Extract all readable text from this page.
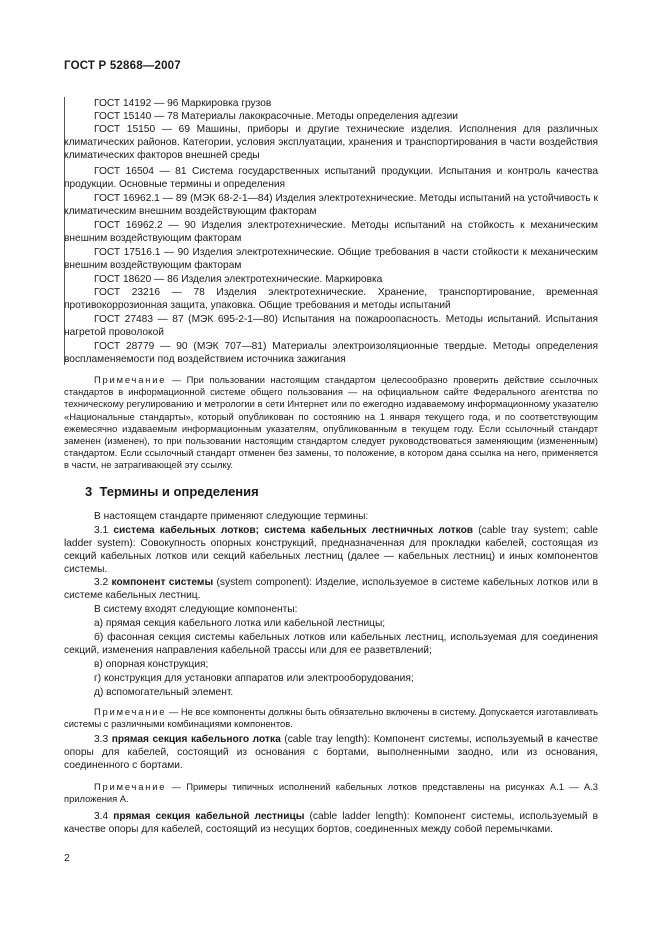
ГОСТ Р 52868—2007

ГОСТ 14192 — 96 Маркировка грузов

ГОСТ 15140 — 78 Материалы лакокрасочные. Методы определения адгезии

ГОСТ 15150 — 69 Машины, приборы и другие технические изделия. Исполнения для различных климатических районов. Категории, условия эксплуатации, хранения и транспортирования в части воздействия климатических факторов внешней среды

ГОСТ 16504 — 81 Система государственных испытаний продукции. Испытания и контроль качества продукции. Основные термины и определения

ГОСТ 16962.1 — 89 (МЭК 68-2-1—84) Изделия электротехнические. Методы испытаний на устойчивость к климатическим внешним воздействующим факторам

ГОСТ 16962.2 — 90 Изделия электротехнические. Методы испытаний на стойкость к механическим внешним воздействующим факторам

ГОСТ 17516.1 — 90 Изделия электротехнические. Общие требования в части стойкости к механическим внешним воздействующим факторам

ГОСТ 18620 — 86 Изделия электротехнические. Маркировка

ГОСТ 23216 — 78 Изделия электротехнические. Хранение, транспортирование, временная противокоррозионная защита, упаковка. Общие требования и методы испытаний

ГОСТ 27483 — 87 (МЭК 695-2-1—80) Испытания на пожароопасность. Методы испытаний. Испытания нагретой проволокой

ГОСТ 28779 — 90 (МЭК 707—81) Материалы электроизоляционные твердые. Методы определения воспламеняемости под воздействием источника зажигания

Примечание — При пользовании настоящим стандартом целесообразно проверить действие ссылочных стандартов в информационной системе общего пользования — на официальном сайте Федерального агентства по техническому регулированию и метрологии в сети Интернет или по ежегодно издаваемому информационному указателю «Национальные стандарты», который опубликован по состоянию на 1 января текущего года, и по соответствующим ежемесячно издаваемым информационным указателям, опубликованным в текущем году. Если ссылочный стандарт заменен (изменен), то при пользовании настоящим стандартом следует руководствоваться заменяющим (измененным) стандартом. Если ссылочный стандарт отменен без замены, то положение, в котором дана ссылка на него, применяется в части, не затрагивающей эту ссылку.

3 Термины и определения

В настоящем стандарте применяют следующие термины:

3.1 система кабельных лотков; система кабельных лестничных лотков (cable tray system; cable ladder system): Совокупность опорных конструкций, предназначенная для прокладки кабелей, состоящая из секций кабельных лотков или секций кабельных лестниц (далее — кабельных лестниц) и иных компонентов системы.

3.2 компонент системы (system component): Изделие, используемое в системе кабельных лотков или в системе кабельных лестниц.

В систему входят следующие компоненты:

а) прямая секция кабельного лотка или кабельной лестницы;

б) фасонная секция системы кабельных лотков или кабельных лестниц, используемая для соединения секций, изменения направления кабельной трассы или для ее разветвлений;

в) опорная конструкция;

г) конструкция для установки аппаратов или электрооборудования;

д) вспомогательный элемент.

Примечание — Не все компоненты должны быть обязательно включены в систему. Допускается изготавливать системы с различными комбинациями компонентов.

3.3 прямая секция кабельного лотка (cable tray length): Компонент системы, используемый в качестве опоры для кабелей, состоящий из основания с бортами, выполненными заодно, или из основания, соединенного с бортами.

Примечание — Примеры типичных исполнений кабельных лотков представлены на рисунках А.1 — А.3 приложения А.

3.4 прямая секция кабельной лестницы (cable ladder length): Компонент системы, используемый в качестве опоры для кабелей, состоящий из несущих бортов, соединенных между собой перемычками.

2
